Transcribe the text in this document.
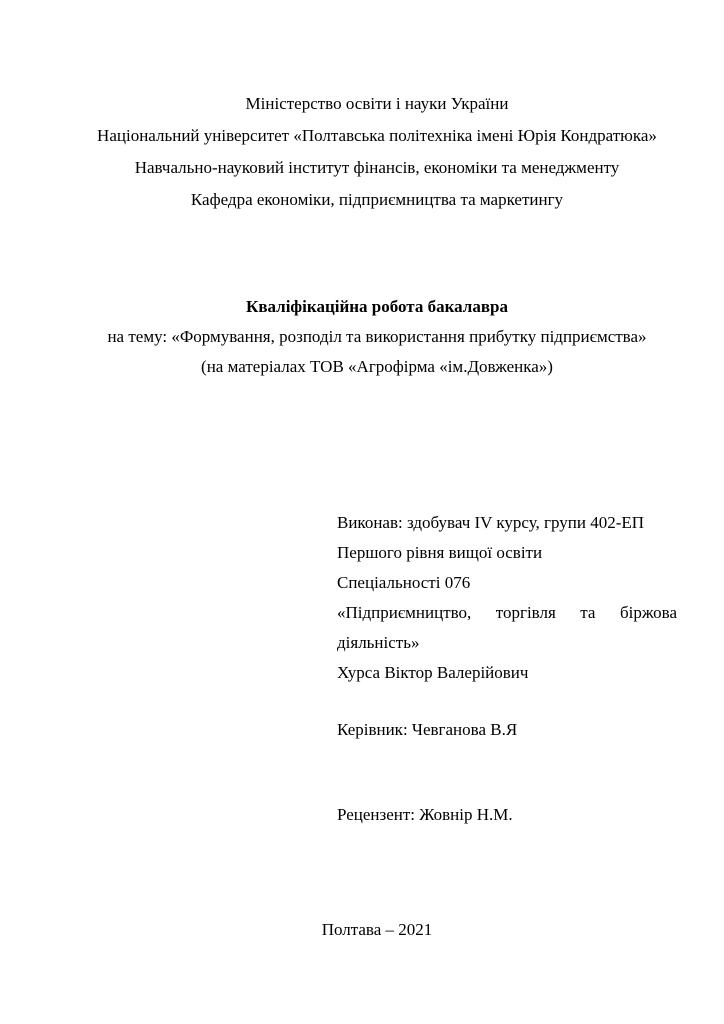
Міністерство освіти і науки України
Національний університет «Полтавська політехніка імені Юрія Кондратюка»
Навчально-науковий інститут фінансів, економіки та менеджменту
Кафедра економіки, підприємництва та маркетингу
Кваліфікаційна робота бакалавра
на тему: «Формування, розподіл та використання прибутку підприємства»
(на матеріалах ТОВ «Агрофірма «ім.Довженка»)
Виконав: здобувач IV курсу, групи 402-ЕП
Першого рівня вищої освіти
Спеціальності 076
«Підприємництво, торгівля та біржова
діяльність»
Хурса Віктор Валерійович
Керівник: Чевганова В.Я
Рецензент: Жовнір Н.М.
Полтава – 2021
